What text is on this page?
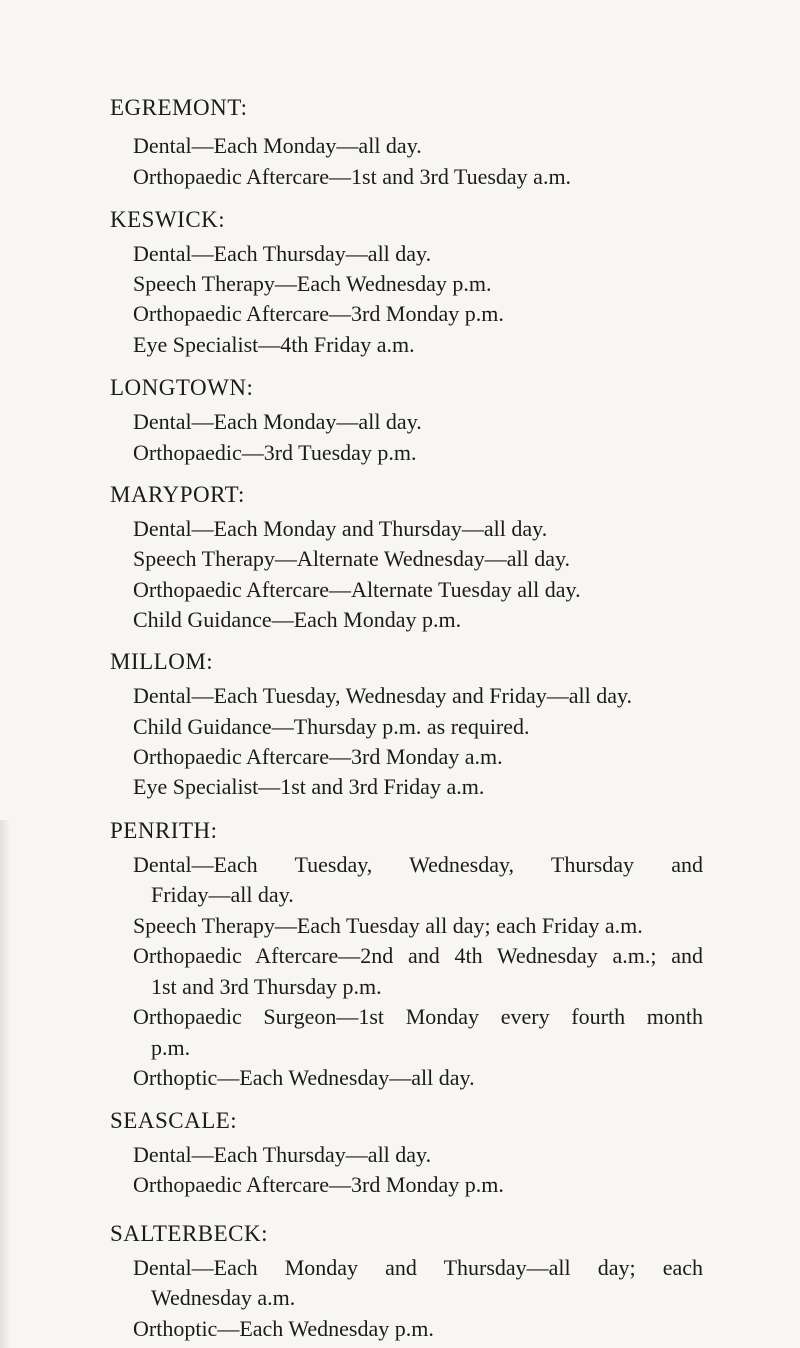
EGREMONT:
Dental—Each Monday—all day.
Orthopaedic Aftercare—1st and 3rd Tuesday a.m.
KESWICK:
Dental—Each Thursday—all day.
Speech Therapy—Each Wednesday p.m.
Orthopaedic Aftercare—3rd Monday p.m.
Eye Specialist—4th Friday a.m.
LONGTOWN:
Dental—Each Monday—all day.
Orthopaedic—3rd Tuesday p.m.
MARYPORT:
Dental—Each Monday and Thursday—all day.
Speech Therapy—Alternate Wednesday—all day.
Orthopaedic Aftercare—Alternate Tuesday all day.
Child Guidance—Each Monday p.m.
MILLOM:
Dental—Each Tuesday, Wednesday and Friday—all day.
Child Guidance—Thursday p.m. as required.
Orthopaedic Aftercare—3rd Monday a.m.
Eye Specialist—1st and 3rd Friday a.m.
PENRITH:
Dental—Each Tuesday, Wednesday, Thursday and
Friday—all day.
Speech Therapy—Each Tuesday all day; each Friday a.m.
Orthopaedic Aftercare—2nd and 4th Wednesday a.m.; and
1st and 3rd Thursday p.m.
Orthopaedic Surgeon—1st Monday every fourth month
p.m.
Orthoptic—Each Wednesday—all day.
SEASCALE:
Dental—Each Thursday—all day.
Orthopaedic Aftercare—3rd Monday p.m.
SALTERBECK:
Dental—Each Monday and Thursday—all day; each
Wednesday a.m.
Orthoptic—Each Wednesday p.m.
